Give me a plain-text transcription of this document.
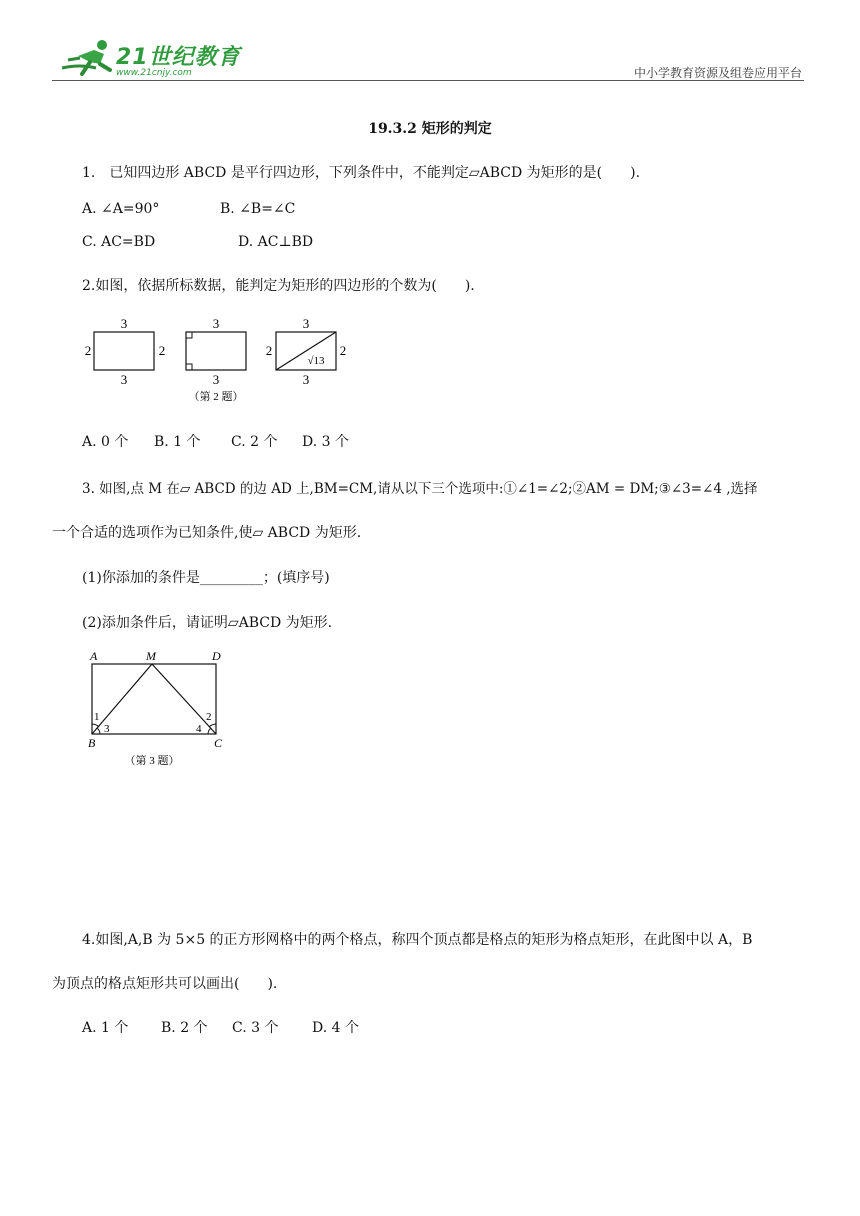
21世纪教育
www.21cnjy.com	中小学教育资源及组卷应用平台
19.3.2 矩形的判定
1.　已知四边形 ABCD 是平行四边形，下列条件中，不能判定▱ABCD 为矩形的是(　　).
A. ∠A=90°	B. ∠B=∠C
C. AC=BD	D. AC⊥BD
2.如图，依据所标数据，能判定为矩形的四边形的个数为(　　).
3
2	2
3
3
3
3
2	2
√13
3
（第 2 题）
A. 0 个 B. 1 个 C. 2 个 D. 3 个
3. 如图,点 M 在▱ ABCD 的边 AD 上,BM=CM,请从以下三个选项中:①∠1=∠2;②AM = DM;③∠3=∠4 ,选择
一个合适的选项作为已知条件,使▱ ABCD 为矩形.
(1)你添加的条件是_________；(填序号)
(2)添加条件后，请证明▱ABCD 为矩形.
A	M	D
B	C
1
3
2
4
（第 3 题）
4.如图,A,B 为 5×5 的正方形网格中的两个格点，称四个顶点都是格点的矩形为格点矩形，在此图中以 A，B
为顶点的格点矩形共可以画出(　　).
A. 1 个 B. 2 个 C. 3 个 D. 4 个
